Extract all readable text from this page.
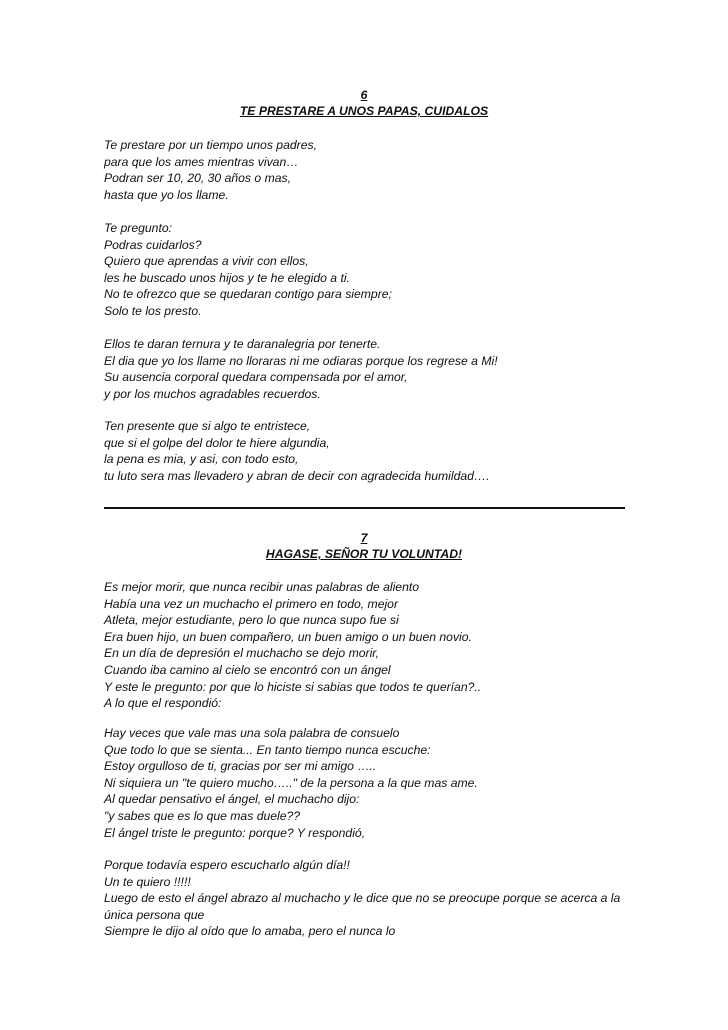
6
TE PRESTARE A UNOS PAPAS, CUIDALOS
Te prestare por un tiempo unos padres,
para que los ames mientras vivan…
Podran ser 10, 20, 30 años o mas,
hasta que yo los llame.
Te pregunto:
Podras cuidarlos?
Quiero que aprendas a vivir con ellos,
les he buscado unos hijos y te he elegido a ti.
No te ofrezco que se quedaran contigo para siempre;
Solo te los presto.
Ellos te daran ternura y te daranalegria por tenerte.
El dia que yo los llame no lloraras ni me odiaras porque los regrese a Mi!
Su ausencia corporal quedara compensada por el amor,
y por los muchos agradables recuerdos.
Ten presente que si algo te entristece,
que si el golpe del dolor te hiere algundia,
la pena es mia, y asi, con todo esto,
tu luto sera mas llevadero y abran de decir con agradecida humildad….
7
HAGASE, SEÑOR TU VOLUNTAD!
Es mejor morir, que nunca recibir unas palabras de aliento
Había una vez un muchacho el primero en todo, mejor
Atleta, mejor estudiante, pero lo que nunca supo fue si
Era buen hijo, un buen compañero, un buen amigo o un buen novio.
En un día de depresión el muchacho se dejo morir,
Cuando iba camino al cielo se encontró con un ángel
Y este le pregunto: por que lo hiciste si sabias que todos te querían?..
A lo que el respondió:
Hay veces que vale mas una sola palabra de consuelo
Que todo lo que se sienta... En tanto tiempo nunca escuche:
Estoy orgulloso de ti, gracias por ser mi amigo …..
Ni siquiera un "te quiero mucho….." de la persona a la que mas ame.
Al quedar pensativo el ángel, el muchacho dijo:
"y sabes que es lo que mas duele??
El ángel triste le pregunto: porque? Y respondió,
Porque todavía espero escucharlo algún día!!
Un te quiero !!!!!
Luego de esto el ángel abrazo al muchacho y le dice que no se preocupe porque se acerca a la
única persona que
Siempre le dijo al oído que lo amaba, pero el nunca lo
